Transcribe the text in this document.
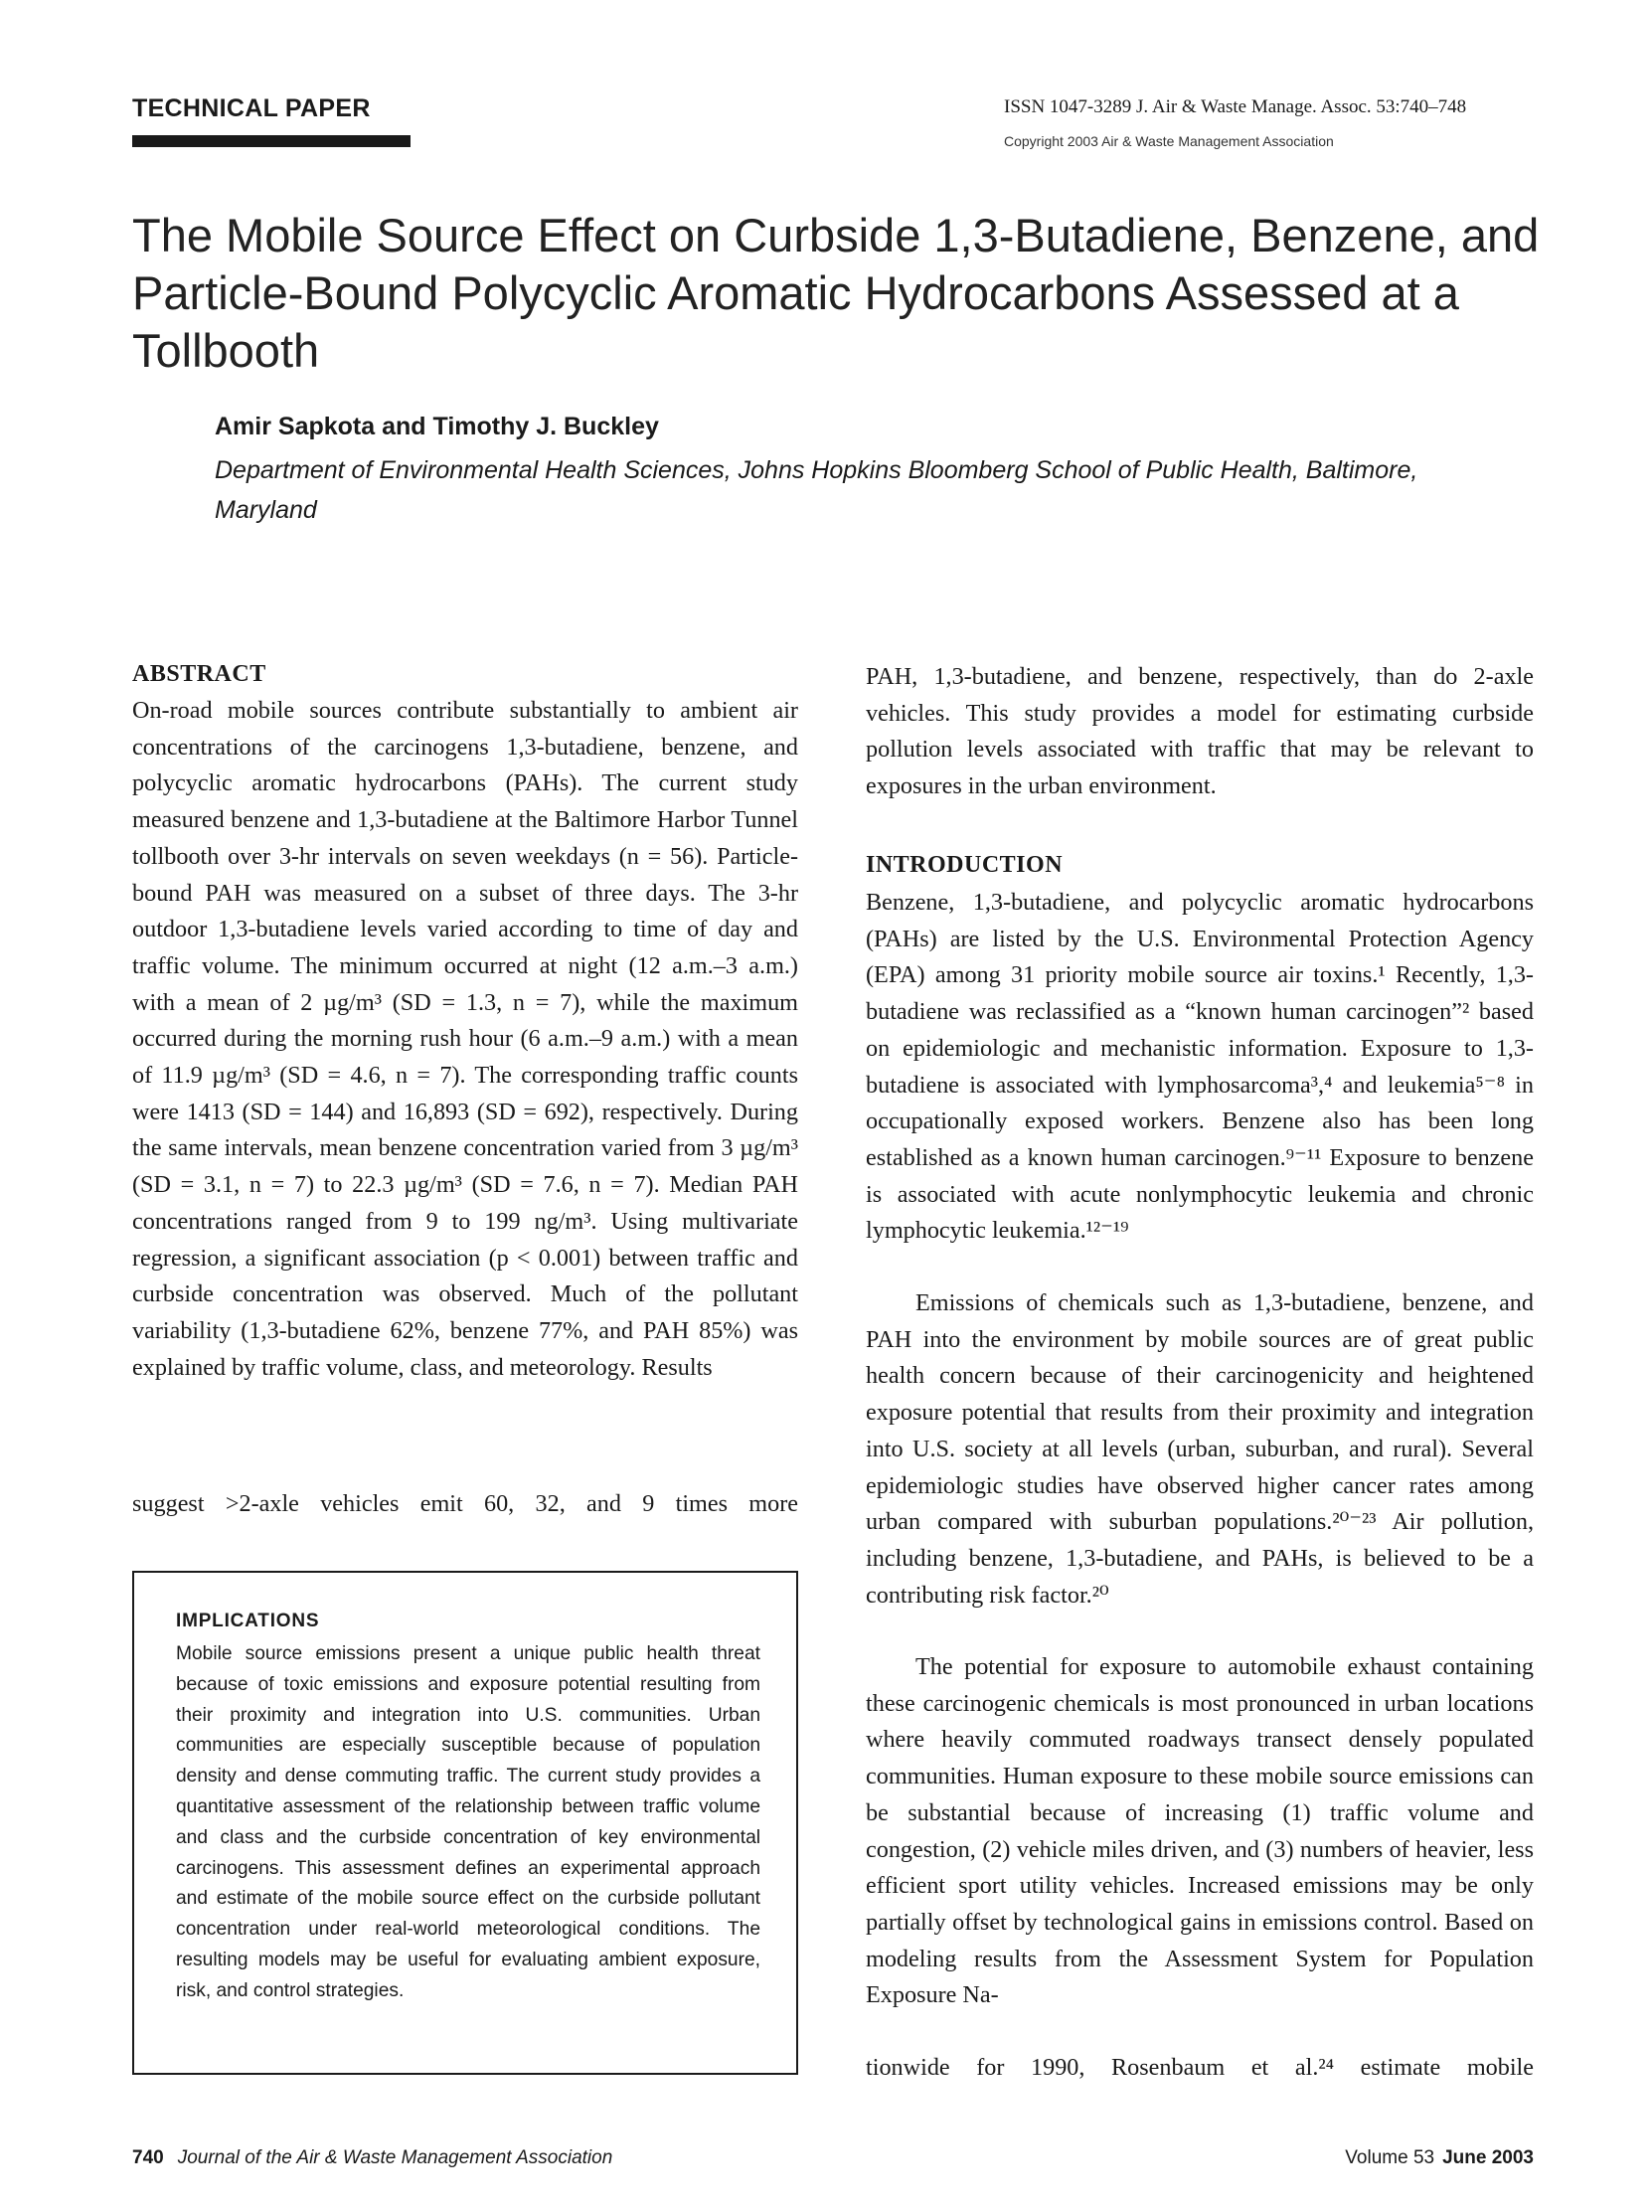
TECHNICAL PAPER	ISSN 1047-3289 J. Air & Waste Manage. Assoc. 53:740–748
Copyright 2003 Air & Waste Management Association
The Mobile Source Effect on Curbside 1,3-Butadiene, Benzene, and Particle-Bound Polycyclic Aromatic Hydrocarbons Assessed at a Tollbooth
Amir Sapkota and Timothy J. Buckley
Department of Environmental Health Sciences, Johns Hopkins Bloomberg School of Public Health, Baltimore, Maryland
ABSTRACT
On-road mobile sources contribute substantially to ambient air concentrations of the carcinogens 1,3-butadiene, benzene, and polycyclic aromatic hydrocarbons (PAHs). The current study measured benzene and 1,3-butadiene at the Baltimore Harbor Tunnel tollbooth over 3-hr intervals on seven weekdays (n = 56). Particle-bound PAH was measured on a subset of three days. The 3-hr outdoor 1,3-butadiene levels varied according to time of day and traffic volume. The minimum occurred at night (12 a.m.–3 a.m.) with a mean of 2 µg/m³ (SD = 1.3, n = 7), while the maximum occurred during the morning rush hour (6 a.m.–9 a.m.) with a mean of 11.9 µg/m³ (SD = 4.6, n = 7). The corresponding traffic counts were 1413 (SD = 144) and 16,893 (SD = 692), respectively. During the same intervals, mean benzene concentration varied from 3 µg/m³ (SD = 3.1, n = 7) to 22.3 µg/m³ (SD = 7.6, n = 7). Median PAH concentrations ranged from 9 to 199 ng/m³. Using multivariate regression, a significant association (p < 0.001) between traffic and curbside concentration was observed. Much of the pollutant variability (1,3-butadiene 62%, benzene 77%, and PAH 85%) was explained by traffic volume, class, and meteorology. Results
suggest >2-axle vehicles emit 60, 32, and 9 times more
IMPLICATIONS
Mobile source emissions present a unique public health threat because of toxic emissions and exposure potential resulting from their proximity and integration into U.S. communities. Urban communities are especially susceptible because of population density and dense commuting traffic. The current study provides a quantitative assessment of the relationship between traffic volume and class and the curbside concentration of key environmental carcinogens. This assessment defines an experimental approach and estimate of the mobile source effect on the curbside pollutant concentration under real-world meteorological conditions. The resulting models may be useful for evaluating ambient exposure, risk, and control strategies.
PAH, 1,3-butadiene, and benzene, respectively, than do 2-axle vehicles. This study provides a model for estimating curbside pollution levels associated with traffic that may be relevant to exposures in the urban environment.
INTRODUCTION
Benzene, 1,3-butadiene, and polycyclic aromatic hydrocarbons (PAHs) are listed by the U.S. Environmental Protection Agency (EPA) among 31 priority mobile source air toxins.¹ Recently, 1,3-butadiene was reclassified as a “known human carcinogen”² based on epidemiologic and mechanistic information. Exposure to 1,3-butadiene is associated with lymphosarcoma³,⁴ and leukemia⁵⁻⁸ in occupationally exposed workers. Benzene also has been long established as a known human carcinogen.⁹⁻¹¹ Exposure to benzene is associated with acute nonlymphocytic leukemia and chronic lymphocytic leukemia.¹²⁻¹⁹
Emissions of chemicals such as 1,3-butadiene, benzene, and PAH into the environment by mobile sources are of great public health concern because of their carcinogenicity and heightened exposure potential that results from their proximity and integration into U.S. society at all levels (urban, suburban, and rural). Several epidemiologic studies have observed higher cancer rates among urban compared with suburban populations.²⁰⁻²³ Air pollution, including benzene, 1,3-butadiene, and PAHs, is believed to be a contributing risk factor.²⁰
The potential for exposure to automobile exhaust containing these carcinogenic chemicals is most pronounced in urban locations where heavily commuted roadways transect densely populated communities. Human exposure to these mobile source emissions can be substantial because of increasing (1) traffic volume and congestion, (2) vehicle miles driven, and (3) numbers of heavier, less efficient sport utility vehicles. Increased emissions may be only partially offset by technological gains in emissions control. Based on modeling results from the Assessment System for Population Exposure Na-
tionwide for 1990, Rosenbaum et al.²⁴ estimate mobile
740 Journal of the Air & Waste Management Association	Volume 53 June 2003
